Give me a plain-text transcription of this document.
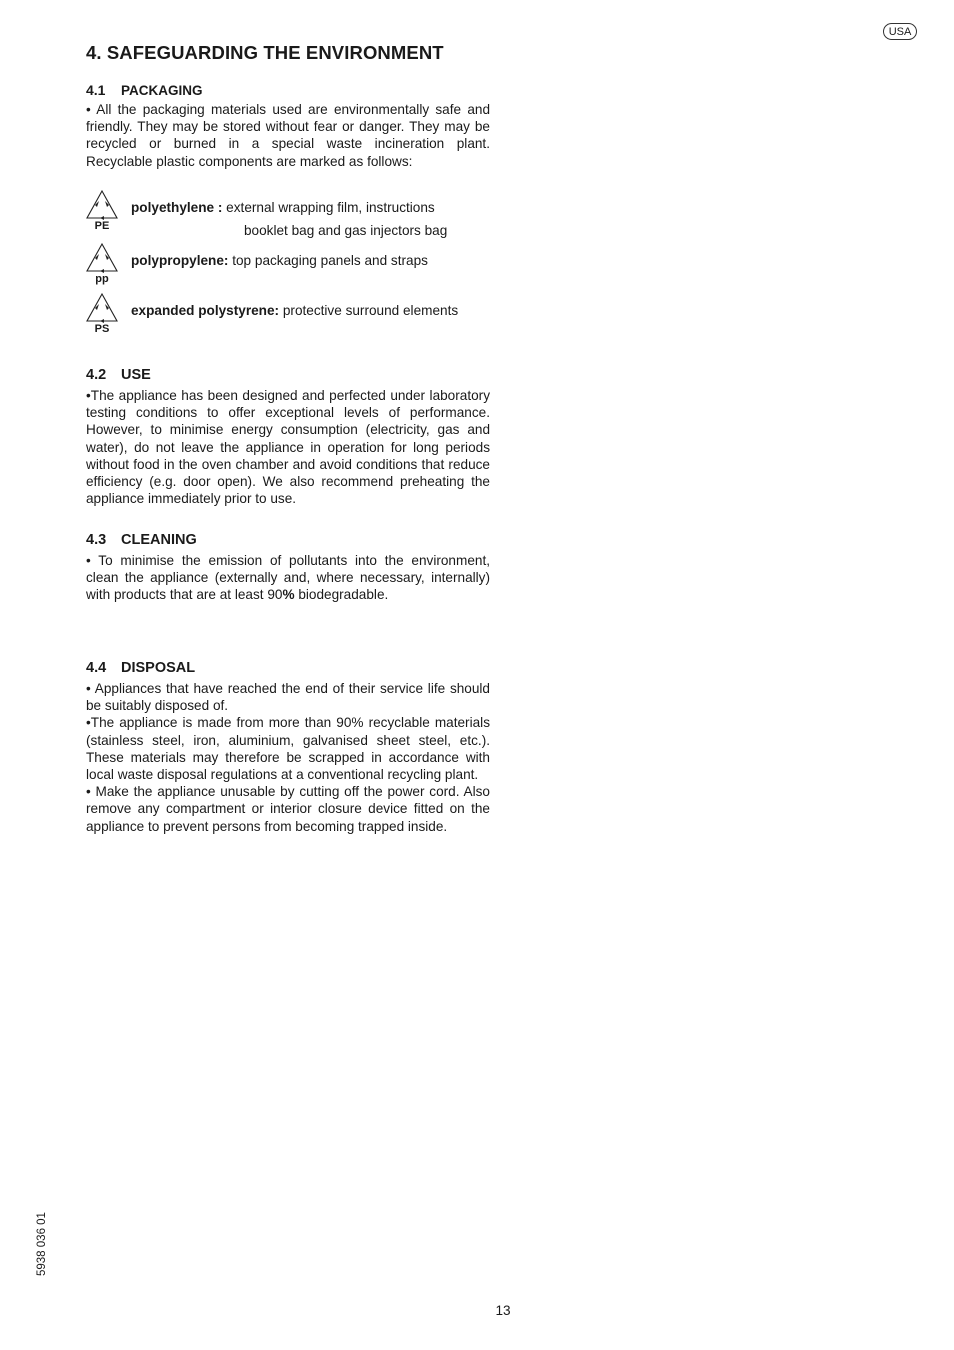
USA
4. SAFEGUARDING THE ENVIRONMENT
4.1 PACKAGING

• All the packaging materials used are environmentally safe and friendly. They may be stored without fear or danger. They may be recycled or burned in a special waste incineration plant. Recyclable plastic components are marked as follows:

PE
polyethylene : external wrapping film, instructions
booklet bag and gas injectors bag
pp
polypropylene: top packaging panels and straps
PS
expanded polystyrene: protective surround elements
4.2 USE

•The appliance has been designed and perfected under laboratory testing conditions to offer exceptional levels of performance. However, to minimise energy consumption (electricity, gas and water), do not leave the appliance in operation for long periods without food in the oven chamber and avoid conditions that reduce efficiency (e.g. door open). We also recommend preheating the appliance immediately prior to use.

4.3 CLEANING

• To minimise the emission of pollutants into the environment, clean the appliance (externally and, where necessary, internally) with products that are at least 90% biodegradable.

4.4 DISPOSAL
• Appliances that have reached the end of their service life should be suitably disposed of.
•The appliance is made from more than 90% recyclable materials (stainless steel, iron, aluminium, galvanised sheet steel, etc.). These materials may therefore be scrapped in accordance with local waste disposal regulations at a conventional recycling plant.
• Make the appliance unusable by cutting off the power cord. Also remove any compartment or interior closure device fitted on the appliance to prevent persons from becoming trapped inside.
5938 036 01
13
